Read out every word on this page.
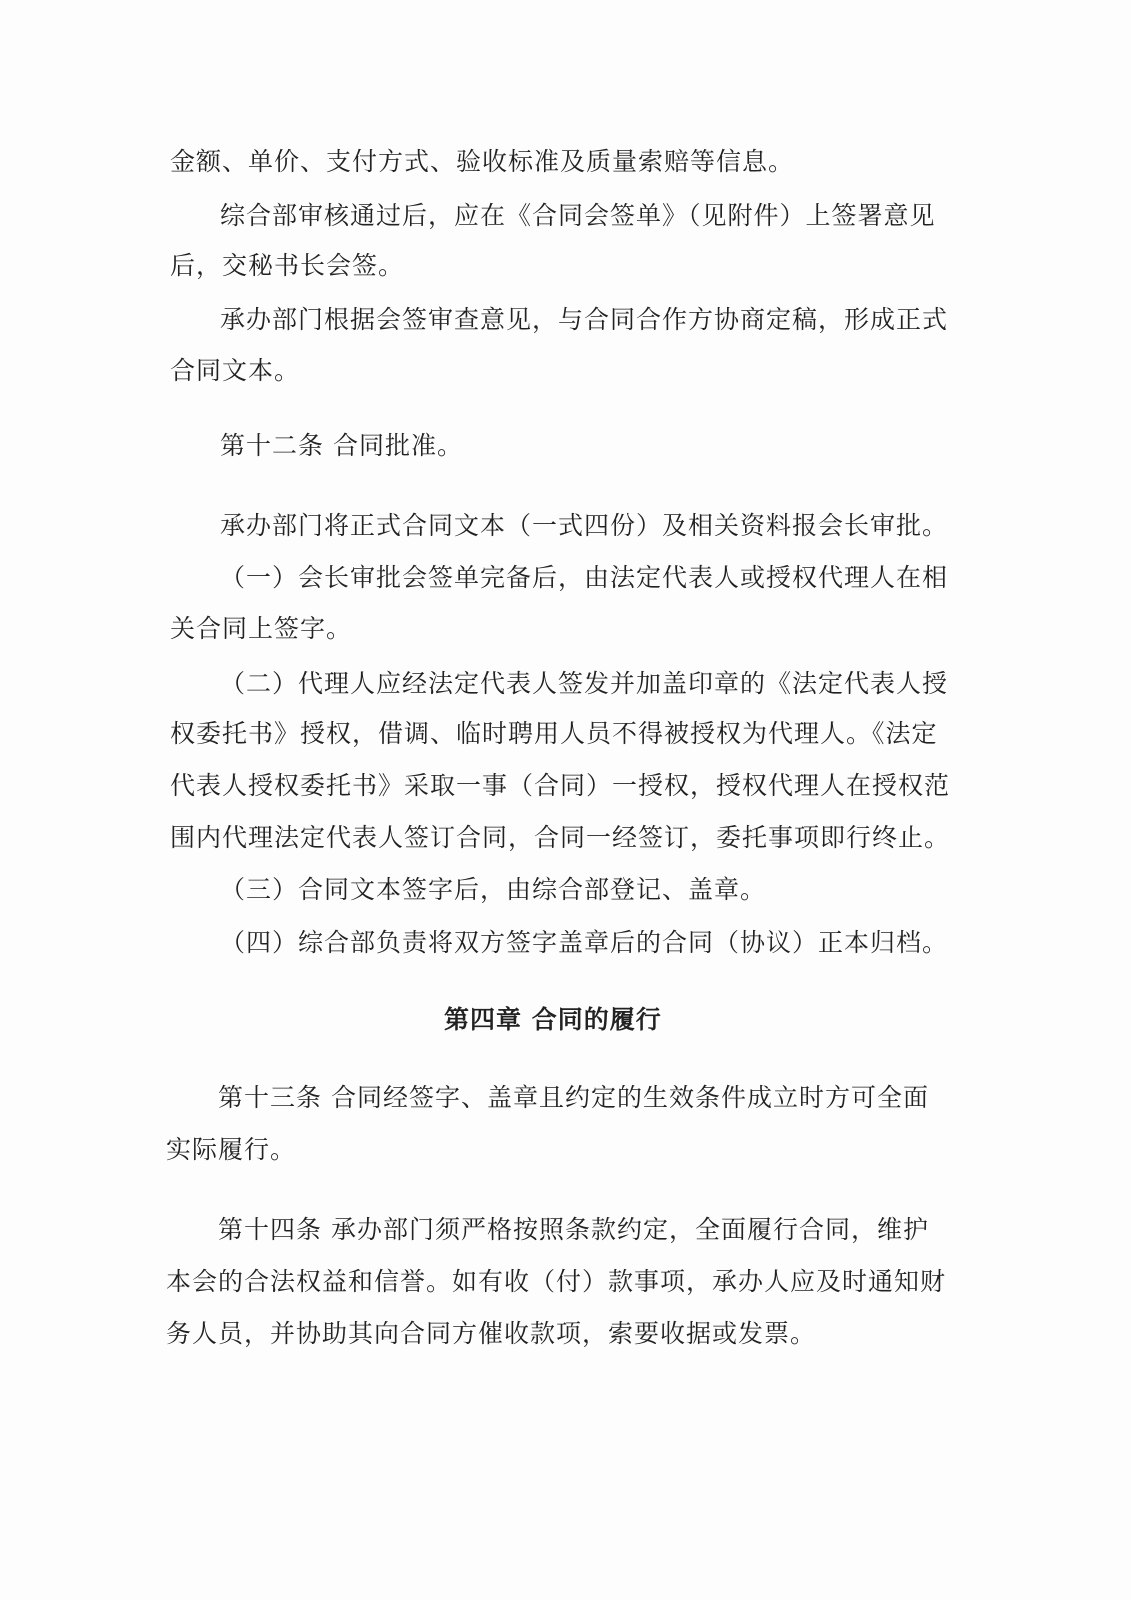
金额、单价、支付方式、验收标准及质量索赔等信息。
综合部审核通过后，应在《合同会签单》（见附件）上签署意见
后，交秘书长会签。
承办部门根据会签审查意见，与合同合作方协商定稿，形成正式
合同文本。
第十二条 合同批准。
承办部门将正式合同文本（一式四份）及相关资料报会长审批。
（一）会长审批会签单完备后，由法定代表人或授权代理人在相
关合同上签字。
（二）代理人应经法定代表人签发并加盖印章的《法定代表人授
权委托书》授权，借调、临时聘用人员不得被授权为代理人。《法定
代表人授权委托书》采取一事（合同）一授权，授权代理人在授权范
围内代理法定代表人签订合同，合同一经签订，委托事项即行终止。
（三）合同文本签字后，由综合部登记、盖章。
（四）综合部负责将双方签字盖章后的合同（协议）正本归档。
第四章 合同的履行
第十三条 合同经签字、盖章且约定的生效条件成立时方可全面
实际履行。
第十四条 承办部门须严格按照条款约定，全面履行合同，维护
本会的合法权益和信誉。如有收（付）款事项，承办人应及时通知财
务人员，并协助其向合同方催收款项，索要收据或发票。
